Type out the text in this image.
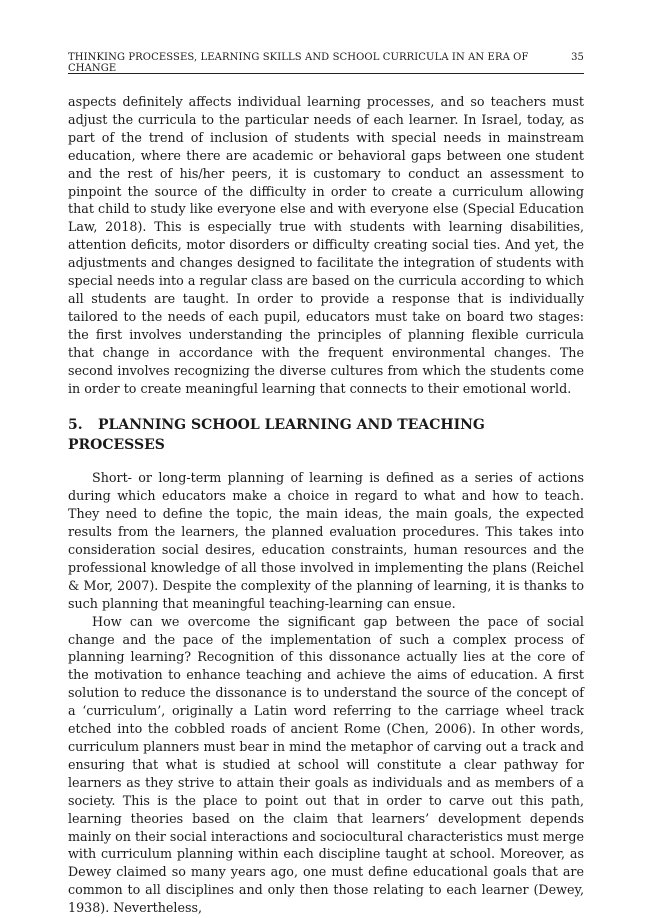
THINKING PROCESSES, LEARNING SKILLS AND SCHOOL CURRICULA IN AN ERA OF CHANGE
35

aspects definitely affects individual learning processes, and so teachers must adjust the curricula to the particular needs of each learner. In Israel, today, as part of the trend of inclusion of students with special needs in mainstream education, where there are academic or behavioral gaps between one student and the rest of his/her peers, it is customary to conduct an assessment to pinpoint the source of the difficulty in order to create a curriculum allowing that child to study like everyone else and with everyone else (Special Education Law, 2018). This is especially true with students with learning disabilities, attention deficits, motor disorders or difficulty creating social ties. And yet, the adjustments and changes designed to facilitate the integration of students with special needs into a regular class are based on the curricula according to which all students are taught. In order to provide a response that is individually tailored to the needs of each pupil, educators must take on board two stages: the first involves understanding the principles of planning flexible curricula that change in accordance with the frequent environmental changes. The second involves recognizing the diverse cultures from which the students come in order to create meaningful learning that connects to their emotional world.

5. PLANNING SCHOOL LEARNING AND TEACHING PROCESSES

Short- or long-term planning of learning is defined as a series of actions during which educators make a choice in regard to what and how to teach. They need to define the topic, the main ideas, the main goals, the expected results from the learners, the planned evaluation procedures. This takes into consideration social desires, education constraints, human resources and the professional knowledge of all those involved in implementing the plans (Reichel & Mor, 2007). Despite the complexity of the planning of learning, it is thanks to such planning that meaningful teaching-learning can ensue.

How can we overcome the significant gap between the pace of social change and the pace of the implementation of such a complex process of planning learning? Recognition of this dissonance actually lies at the core of the motivation to enhance teaching and achieve the aims of education. A first solution to reduce the dissonance is to understand the source of the concept of a ‘curriculum’, originally a Latin word referring to the carriage wheel track etched into the cobbled roads of ancient Rome (Chen, 2006). In other words, curriculum planners must bear in mind the metaphor of carving out a track and ensuring that what is studied at school will constitute a clear pathway for learners as they strive to attain their goals as individuals and as members of a society. This is the place to point out that in order to carve out this path, learning theories based on the claim that learners’ development depends mainly on their social interactions and sociocultural characteristics must merge with curriculum planning within each discipline taught at school. Moreover, as Dewey claimed so many years ago, one must define educational goals that are common to all disciplines and only then those relating to each learner (Dewey, 1938). Nevertheless,
